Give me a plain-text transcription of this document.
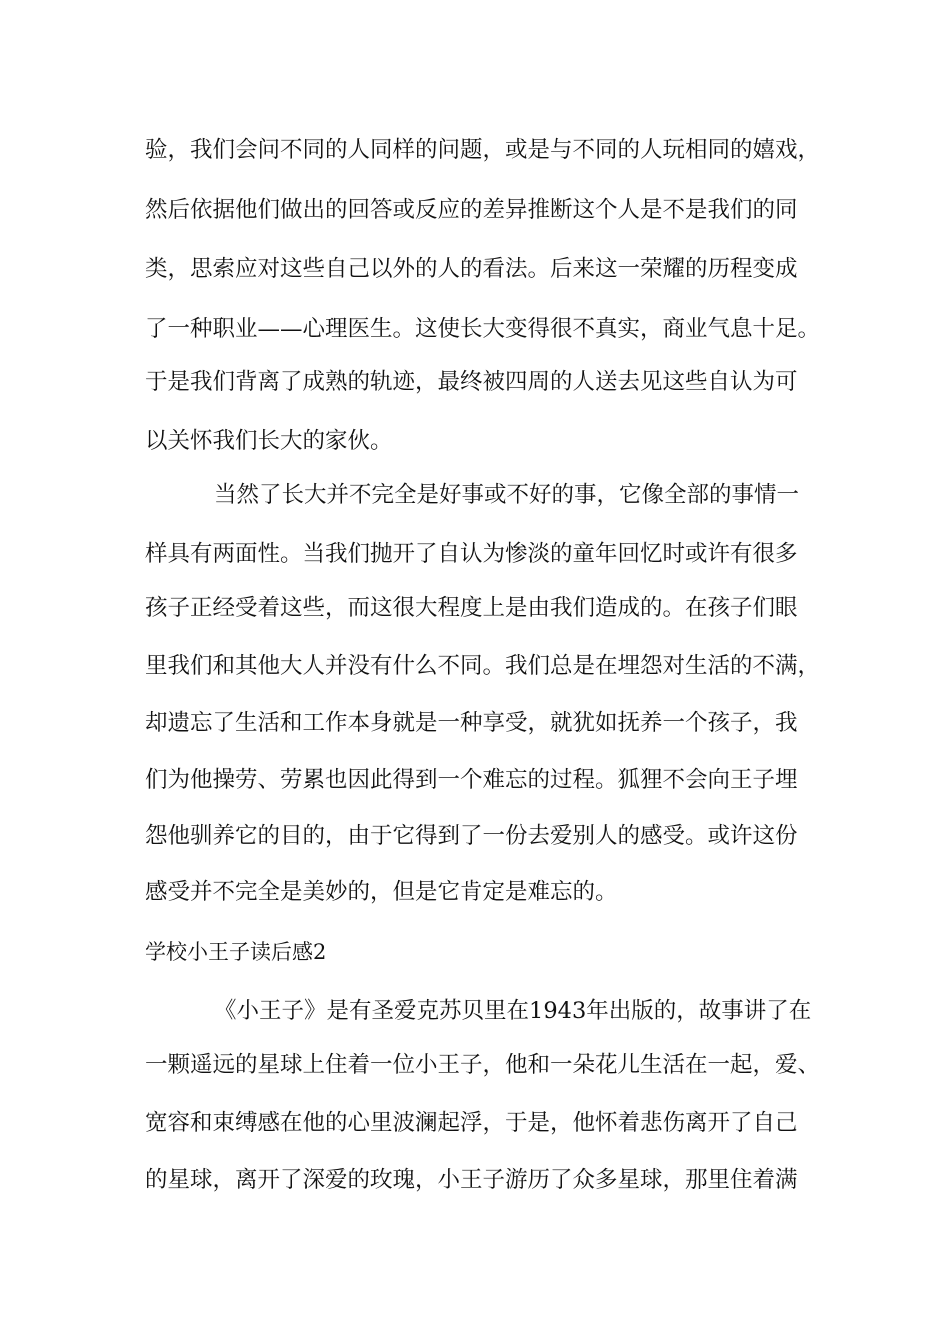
验，我们会问不同的人同样的问题，或是与不同的人玩相同的嬉戏，
然后依据他们做出的回答或反应的差异推断这个人是不是我们的同
类，思索应对这些自己以外的人的看法。后来这一荣耀的历程变成
了一种职业——心理医生。这使长大变得很不真实，商业气息十足。
于是我们背离了成熟的轨迹，最终被四周的人送去见这些自认为可
以关怀我们长大的家伙。
当然了长大并不完全是好事或不好的事，它像全部的事情一
样具有两面性。当我们抛开了自认为惨淡的童年回忆时或许有很多
孩子正经受着这些，而这很大程度上是由我们造成的。在孩子们眼
里我们和其他大人并没有什么不同。我们总是在埋怨对生活的不满，
却遗忘了生活和工作本身就是一种享受，就犹如抚养一个孩子，我
们为他操劳、劳累也因此得到一个难忘的过程。狐狸不会向王子埋
怨他驯养它的目的，由于它得到了一份去爱别人的感受。或许这份
感受并不完全是美妙的，但是它肯定是难忘的。
学校小王子读后感2
《小王子》是有圣爱克苏贝里在1943年出版的，故事讲了在
一颗遥远的星球上住着一位小王子，他和一朵花儿生活在一起，爱、
宽容和束缚感在他的心里波澜起浮，于是，他怀着悲伤离开了自己
的星球，离开了深爱的玫瑰，小王子游历了众多星球，那里住着满
